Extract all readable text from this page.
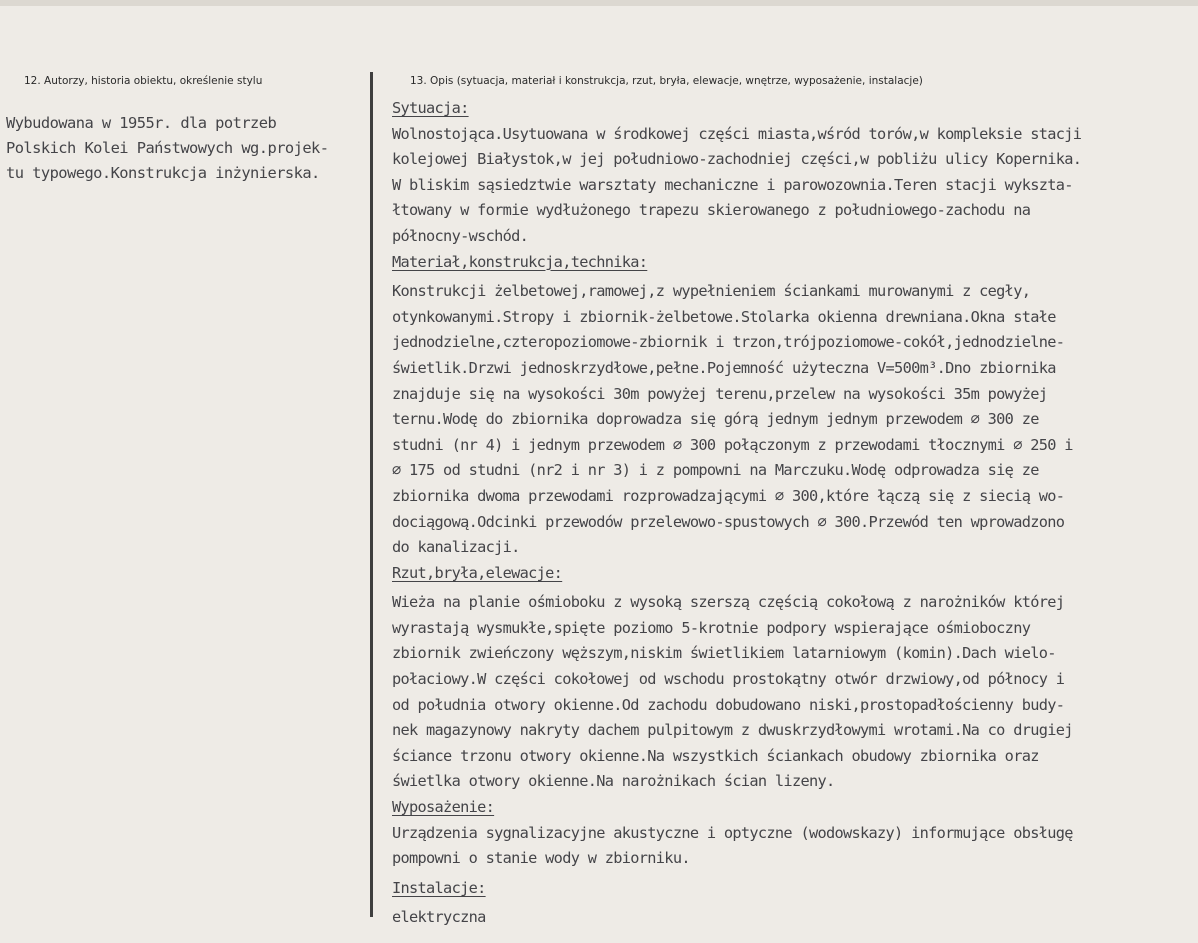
12. Autorzy, historia obiektu, określenie stylu	13. Opis (sytuacja, materiał i konstrukcja, rzut, bryła, elewacje, wnętrze, wyposażenie, instalacje)
Wybudowana w 1955r. dla potrzeb
Polskich Kolei Państwowych wg.projek-
tu typowego.Konstrukcja inżynierska.
Sytuacja:
Wolnostojąca.Usytuowana w środkowej części miasta,wśród torów,w kompleksie stacji
kolejowej Białystok,w jej południowo-zachodniej części,w pobliżu ulicy Kopernika.
W bliskim sąsiedztwie warsztaty mechaniczne i parowozownia.Teren stacji wykszta-
łtowany w formie wydłużonego trapezu skierowanego z południowego-zachodu na
północny-wschód.
Materiał,konstrukcja,technika:
Konstrukcji żelbetowej,ramowej,z wypełnieniem ściankami murowanymi z cegły,
otynkowanymi.Stropy i zbiornik-żelbetowe.Stolarka okienna drewniana.Okna stałe
jednodzielne,czteropoziomowe-zbiornik i trzon,trójpoziomowe-cokół,jednodzielne-
świetlik.Drzwi jednoskrzydłowe,pełne.Pojemność użyteczna V=500m³.Dno zbiornika
znajduje się na wysokości 30m powyżej terenu,przelew na wysokości 35m powyżej
ternu.Wodę do zbiornika doprowadza się górą jednym jednym przewodem ∅ 300 ze
studni (nr 4) i jednym przewodem ∅ 300 połączonym z przewodami tłocznymi ∅ 250 i
∅ 175 od studni (nr2 i nr 3) i z pompowni na Marczuku.Wodę odprowadza się ze
zbiornika dwoma przewodami rozprowadzającymi ∅ 300,które łączą się z siecią wo-
dociągową.Odcinki przewodów przelewowo-spustowych ∅ 300.Przewód ten wprowadzono
do kanalizacji.
Rzut,bryła,elewacje:
Wieża na planie ośmioboku z wysoką szerszą częścią cokołową z narożników której
wyrastają wysmukłe,spięte poziomo 5-krotnie podpory wspierające ośmioboczny
zbiornik zwieńczony węższym,niskim świetlikiem latarniowym (komin).Dach wielo-
połaciowy.W części cokołowej od wschodu prostokątny otwór drzwiowy,od północy i
od południa otwory okienne.Od zachodu dobudowano niski,prostopadłościenny budy-
nek magazynowy nakryty dachem pulpitowym z dwuskrzydłowymi wrotami.Na co drugiej
ściance trzonu otwory okienne.Na wszystkich ściankach obudowy zbiornika oraz
świetlka otwory okienne.Na narożnikach ścian lizeny.
Wyposażenie:
Urządzenia sygnalizacyjne akustyczne i optyczne (wodowskazy) informujące obsługę
pompowni o stanie wody w zbiorniku.
Instalacje:
elektryczna
